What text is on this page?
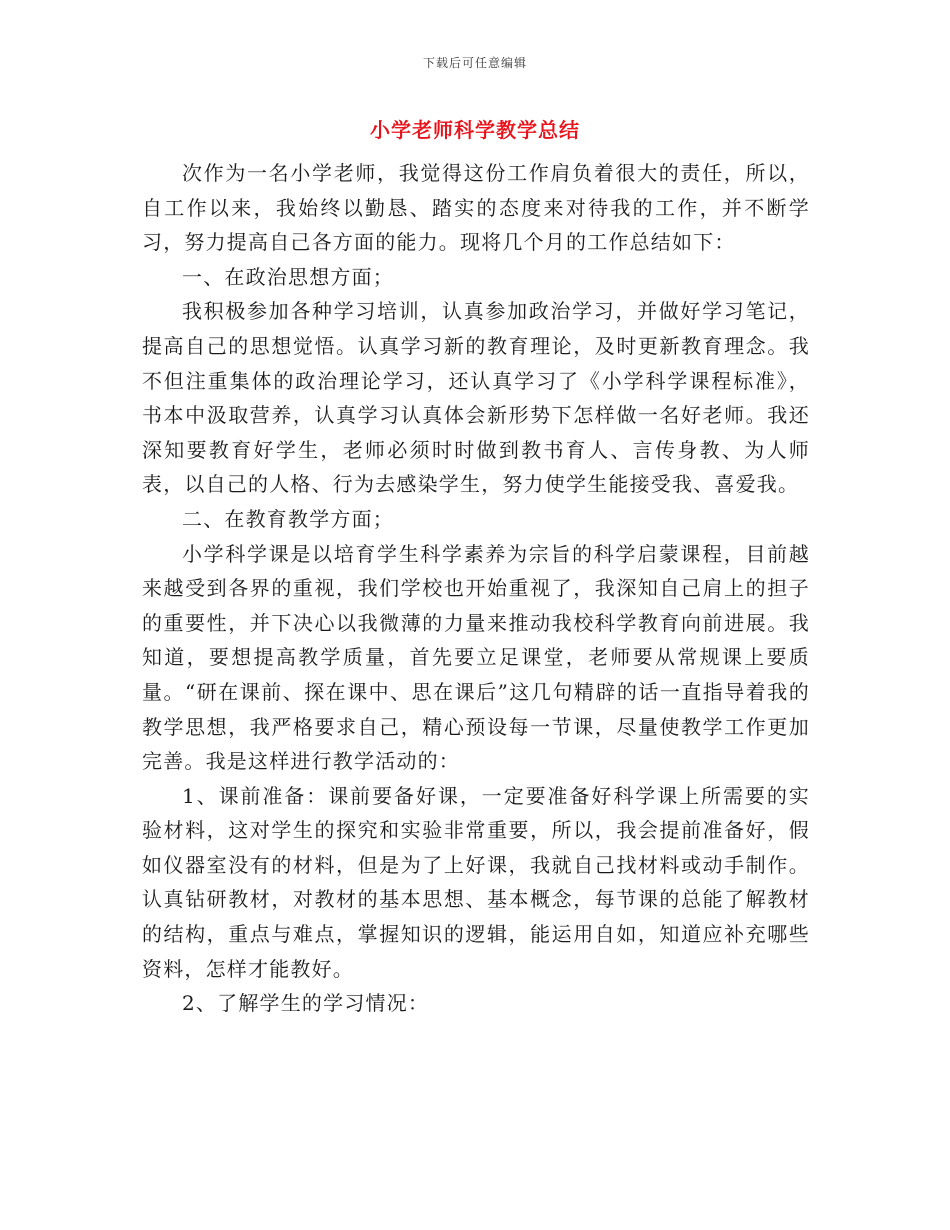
下载后可任意编辑
小学老师科学教学总结

次作为一名小学老师，我觉得这份工作肩负着很大的责任，所以，自工作以来，我始终以勤恳、踏实的态度来对待我的工作，并不断学习，努力提高自己各方面的能力。现将几个月的工作总结如下：

一、在政治思想方面；

我积极参加各种学习培训，认真参加政治学习，并做好学习笔记，提高自己的思想觉悟。认真学习新的教育理论，及时更新教育理念。我不但注重集体的政治理论学习，还认真学习了《小学科学课程标准》，书本中汲取营养，认真学习认真体会新形势下怎样做一名好老师。我还深知要教育好学生，老师必须时时做到教书育人、言传身教、为人师表，以自己的人格、行为去感染学生，努力使学生能接受我、喜爱我。

二、在教育教学方面；

小学科学课是以培育学生科学素养为宗旨的科学启蒙课程，目前越来越受到各界的重视，我们学校也开始重视了，我深知自己肩上的担子的重要性，并下决心以我微薄的力量来推动我校科学教育向前进展。我知道，要想提高教学质量，首先要立足课堂，老师要从常规课上要质量。“研在课前、探在课中、思在课后”这几句精辟的话一直指导着我的教学思想，我严格要求自己，精心预设每一节课，尽量使教学工作更加完善。我是这样进行教学活动的：

1、课前准备：课前要备好课，一定要准备好科学课上所需要的实验材料，这对学生的探究和实验非常重要，所以，我会提前准备好，假如仪器室没有的材料，但是为了上好课，我就自己找材料或动手制作。认真钻研教材，对教材的基本思想、基本概念，每节课的总能了解教材的结构，重点与难点，掌握知识的逻辑，能运用自如，知道应补充哪些资料，怎样才能教好。

2、了解学生的学习情况：
